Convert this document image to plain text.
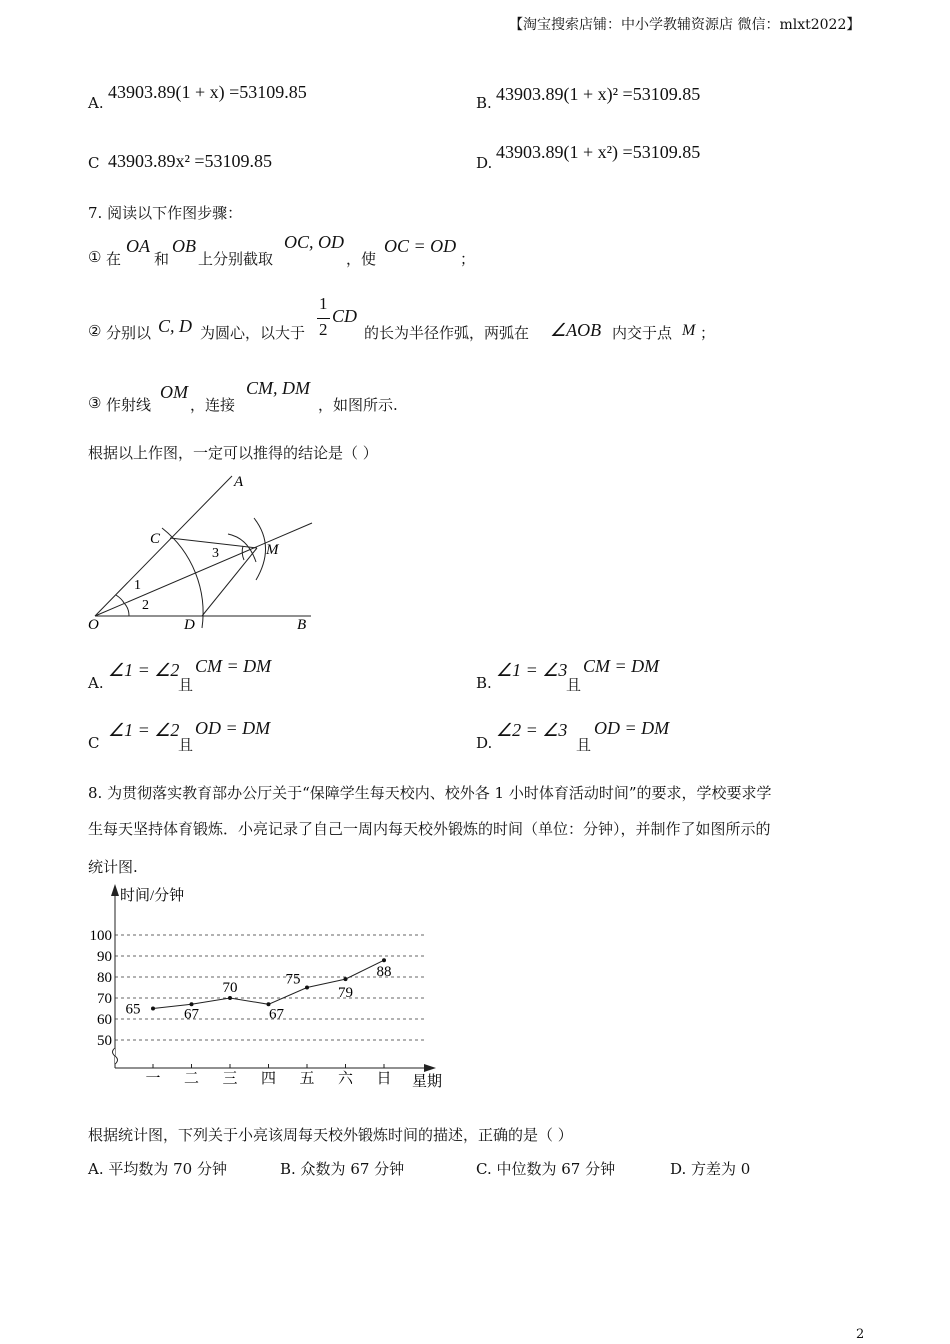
【淘宝搜索店铺：中小学教辅资源店 微信：mlxt2022】
A.
43903.89(1 + x) =53109.85
B. 43903.89(1 + x)² =53109.85
C 43903.89x² =53109.85	D.
43903.89(1 + x²) =53109.85
7. 阅读以下作图步骤：
① 在
OA
和
OB
上分别截取
OC, OD
，使
OC = OD
；
② 分别以 C, D 为圆心，以大于
1
2
CD
的长为半径作弧，两弧在 ∠AOB 内交于点 M ；
③ 作射线
OM
，连接
CM, DM
，如图所示.
根据以上作图，一定可以推得的结论是（ ）
A
C
M
O	D	B
1
2
3
A.
∠1 = ∠2
且
CM = DM
B.
∠1 = ∠3
且
CM = DM
C
∠1 = ∠2
且
OD = DM
D.
∠2 = ∠3
且
OD = DM
8. 为贯彻落实教育部办公厅关于“保障学生每天校内、校外各 1 小时体育活动时间”的要求，学校要求学
生每天坚持体育锻炼．小亮记录了自己一周内每天校外锻炼的时间（单位：分钟），并制作了如图所示的
统计图.
时间/分钟
星期
50
60
70
80
90
100
一 二 三 四 五 六 日
65	67
70
67
75
79
88
根据统计图，下列关于小亮该周每天校外锻炼时间的描述，正确的是（ ）
A. 平均数为 70 分钟	B. 众数为 67 分钟	C. 中位数为 67 分钟	D. 方差为 0
2
